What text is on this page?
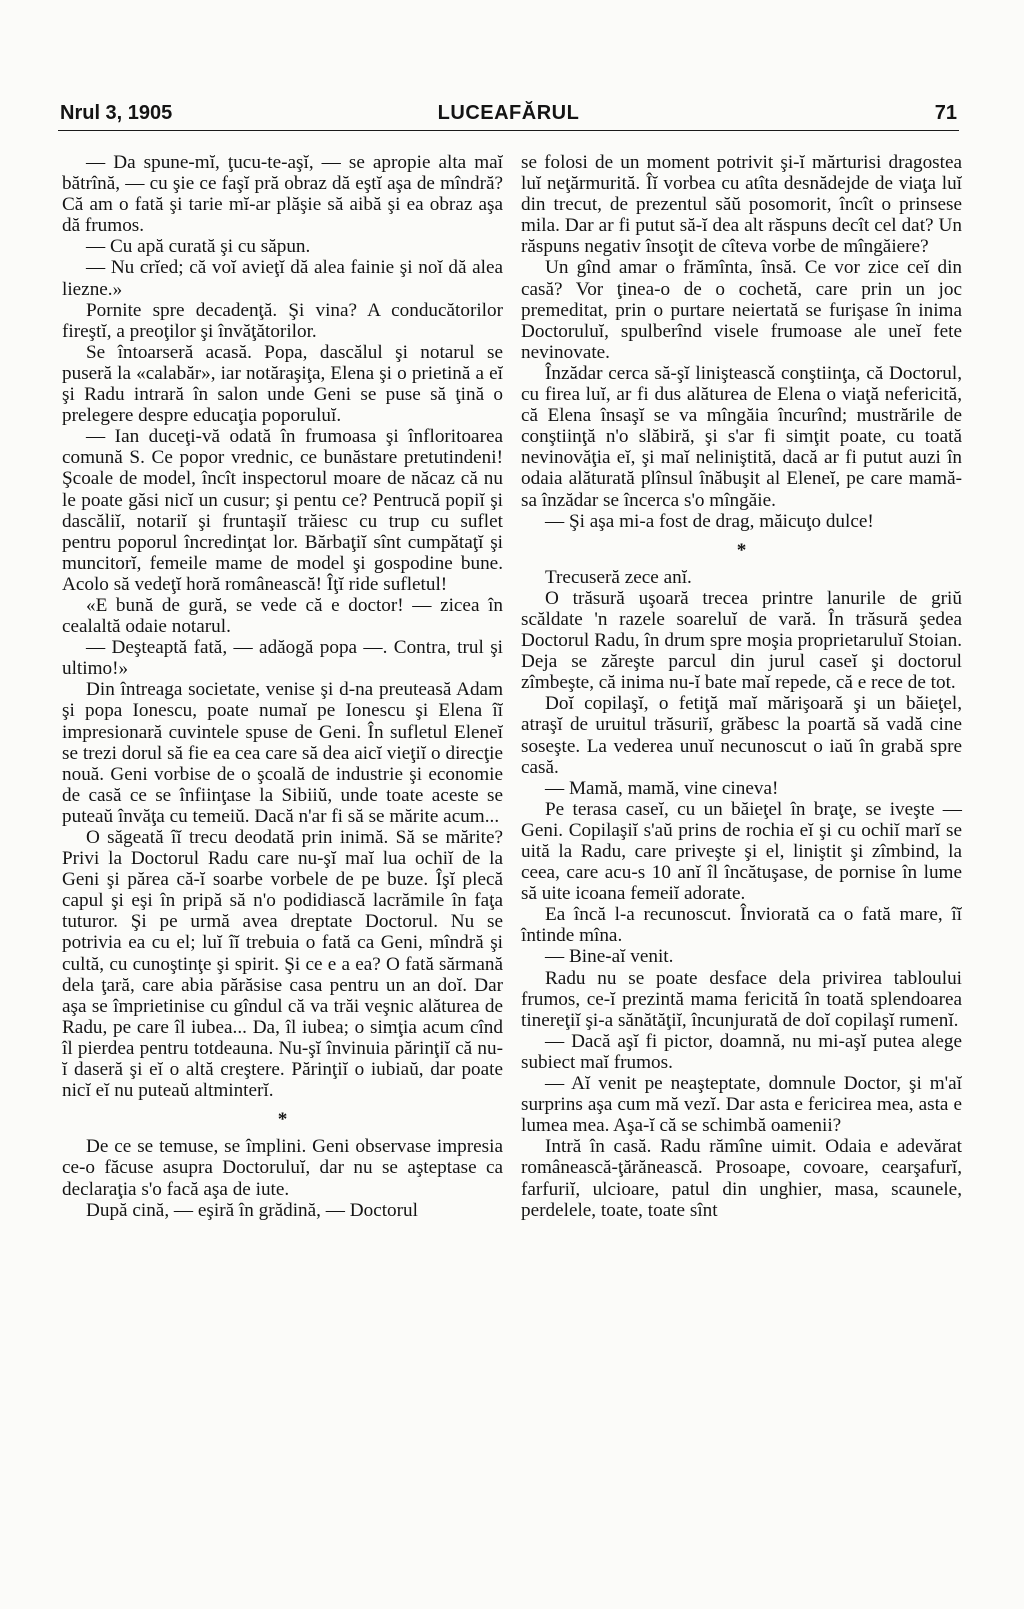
Nrul 3, 1905	LUCEAFĂRUL	71

— Da spune-mĭ, ţucu-te-aşĭ, — se apropie alta maĭ bătrînă, — cu şie ce faşĭ pră obraz dă eştĭ aşa de mîndră? Că am o fată şi tarie mĭ-ar plăşie să aibă şi ea obraz aşa dă frumos.

— Cu apă curată şi cu săpun.

— Nu crĭed; că voĭ avieţĭ dă alea fainie şi noĭ dă alea liezne.»

Pornite spre decadenţă. Şi vina? A conducătorilor fireştĭ, a preoţilor şi învăţătorilor.

Se întoarseră acasă. Popa, dascălul şi notarul se puseră la «calabăr», iar notăraşiţa, Elena şi o prietină a eĭ şi Radu intrară în salon unde Geni se puse să ţină o prelegere despre educaţia poporuluĭ.

— Ian duceţi-vă odată în frumoasa şi înfloritoarea comună S. Ce popor vrednic, ce bunăstare pretutindeni! Şcoale de model, încît inspectorul moare de năcaz că nu le poate găsi nicĭ un cusur; şi pentu ce? Pentrucă popiĭ şi dascăliĭ, notariĭ şi fruntaşiĭ trăiesc cu trup cu suflet pentru poporul încredinţat lor. Bărbaţiĭ sînt cumpătaţĭ şi muncitorĭ, femeile mame de model şi gospodine bune. Acolo să vedeţĭ horă românească! Îţĭ ride sufletul!

«E bună de gură, se vede că e doctor! — zicea în cealaltă odaie notarul.

— Deşteaptă fată, — adăogă popa —. Contra, trul şi ultimo!»

Din întreaga societate, venise şi d-na preuteasă Adam şi popa Ionescu, poate numaĭ pe Ionescu şi Elena îĭ impresionară cuvintele spuse de Geni. În sufletul Eleneĭ se trezi dorul să fie ea cea care să dea aicĭ vieţiĭ o direcţie nouă. Geni vorbise de o şcoală de industrie şi economie de casă ce se înfiinţase la Sibiiŭ, unde toate aceste se puteaŭ învăţa cu temeiŭ. Dacă n'ar fi să se mărite acum...

O săgeată îĭ trecu deodată prin inimă. Să se mărite? Privi la Doctorul Radu care nu-şĭ maĭ lua ochiĭ de la Geni şi părea că-ĭ soarbe vorbele de pe buze. Îşĭ plecă capul şi eşi în pripă să n'o podidiască lacrămile în faţa tuturor. Şi pe urmă avea dreptate Doctorul. Nu se potrivia ea cu el; luĭ îĭ trebuia o fată ca Geni, mîndră şi cultă, cu cunoştinţe şi spirit. Şi ce e a ea? O fată sărmană dela ţară, care abia părăsise casa pentru un an doĭ. Dar aşa se împrietinise cu gîndul că va trăi veşnic alăturea de Radu, pe care îl iubea... Da, îl iubea; o simţia acum cînd îl pierdea pentru totdeauna. Nu-şĭ învinuia părinţiĭ că nu-ĭ daseră şi eĭ o altă creştere. Părinţiĭ o iubiaŭ, dar poate nicĭ eĭ nu puteaŭ altminterĭ.

*

De ce se temuse, se împlini. Geni observase impresia ce-o făcuse asupra Doctoruluĭ, dar nu se aşteptase ca declaraţia s'o facă aşa de iute.

După cină, — eşiră în grădină, — Doctorul

se folosi de un moment potrivit şi-ĭ mărturisi dragostea luĭ neţărmurită. Îĭ vorbea cu atîta desnădejde de viaţa luĭ din trecut, de prezentul săŭ posomorit, încît o prinsese mila. Dar ar fi putut să-ĭ dea alt răspuns decît cel dat? Un răspuns negativ însoţit de cîteva vorbe de mîngăiere?

Un gînd amar o frămînta, însă. Ce vor zice ceĭ din casă? Vor ţinea-o de o cochetă, care prin un joc premeditat, prin o purtare neiertată se furişase în inima Doctoruluĭ, spulberînd visele frumoase ale uneĭ fete nevinovate.

Înzădar cerca să-şĭ linişteascǎ conştiinţa, că Doctorul, cu firea luĭ, ar fi dus alăturea de Elena o viaţă nefericită, că Elena însaşĭ se va mîngăia încurînd; mustrările de conştiinţă n'o slăbiră, şi s'ar fi simţit poate, cu toată nevinovăţia eĭ, şi maĭ neliniştită, dacă ar fi putut auzi în odaia alăturată plînsul înăbuşit al Eleneĭ, pe care mamă-sa înzădar se încerca s'o mîngăie.

— Şi aşa mi-a fost de drag, măicuţo dulce!

*

Trecuseră zece anĭ.

O trăsură uşoară trecea printre lanurile de griŭ scăldate 'n razele soareluĭ de vară. În trăsură şedea Doctorul Radu, în drum spre moşia proprietaruluĭ Stoian. Deja se zăreşte parcul din jurul caseĭ şi doctorul zîmbeşte, că inima nu-ĭ bate maĭ repede, că e rece de tot.

Doĭ copilaşĭ, o fetiţă maĭ mărişoară şi un băieţel, atraşĭ de uruitul trăsuriĭ, grăbesc la poartă să vadă cine soseşte. La vederea unuĭ necunoscut o iaŭ în grabă spre casă.

— Mamă, mamă, vine cineva!

Pe terasa caseĭ, cu un băieţel în braţe, se iveşte — Geni. Copilaşiĭ s'aŭ prins de rochia eĭ şi cu ochiĭ marĭ se uită la Radu, care priveşte şi el, liniştit şi zîmbind, la ceea, care acu-s 10 anĭ îl încătuşase, de pornise în lume să uite icoana femeiĭ adorate.

Ea încă l-a recunoscut. Înviorată ca o fată mare, îĭ întinde mîna.

— Bine-aĭ venit.

Radu nu se poate desface dela privirea tabloului frumos, ce-ĭ prezintă mama fericită în toată splendoarea tinereţiĭ şi-a sănătăţiĭ, încunjurată de doĭ copilaşĭ rumenĭ.

— Dacă aşĭ fi pictor, doamnă, nu mi-aşĭ putea alege subiect maĭ frumos.

— Aĭ venit pe neaşteptate, domnule Doctor, şi m'aĭ surprins aşa cum mă vezĭ. Dar asta e fericirea mea, asta e lumea mea. Aşa-ĭ că se schimbă oamenii?

Intră în casă. Radu rămîne uimit. Odaia e adevărat românească-ţărănească. Prosoape, covoare, cearşafurĭ, farfuriĭ, ulcioare, patul din unghier, masa, scaunele, perdelele, toate, toate sînt
